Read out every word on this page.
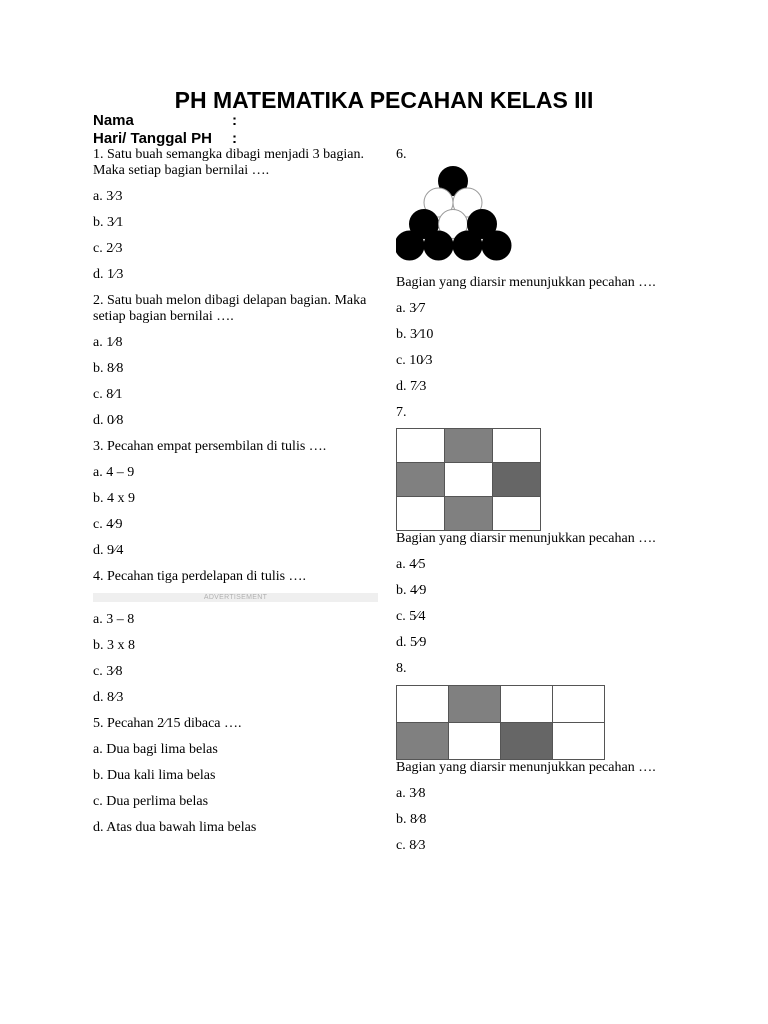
PH MATEMATIKA PECAHAN KELAS III
Nama	:
Hari/ Tanggal PH :

1. Satu buah semangka dibagi menjadi 3 bagian. Maka setiap bagian bernilai ….

a. 3⁄3

b. 3⁄1

c. 2⁄3

d. 1⁄3

2. Satu buah melon dibagi delapan bagian. Maka setiap bagian bernilai ….

a. 1⁄8

b. 8⁄8

c. 8⁄1

d. 0⁄8

3. Pecahan empat persembilan di tulis ….

a. 4 – 9

b. 4 x 9

c. 4⁄9

d. 9⁄4

4. Pecahan tiga perdelapan di tulis ….

ADVERTISEMENT

a. 3 – 8

b. 3 x 8

c. 3⁄8

d. 8⁄3

5. Pecahan 2⁄15 dibaca ….

a. Dua bagi lima belas

b. Dua kali lima belas

c. Dua perlima belas

d. Atas dua bawah lima belas

6.

Bagian yang diarsir menunjukkan pecahan ….

a. 3⁄7

b. 3⁄10

c. 10⁄3

d. 7⁄3

7.

Bagian yang diarsir menunjukkan pecahan ….

a. 4⁄5

b. 4⁄9

c. 5⁄4

d. 5⁄9

8.

Bagian yang diarsir menunjukkan pecahan ….

a. 3⁄8

b. 8⁄8

c. 8⁄3
